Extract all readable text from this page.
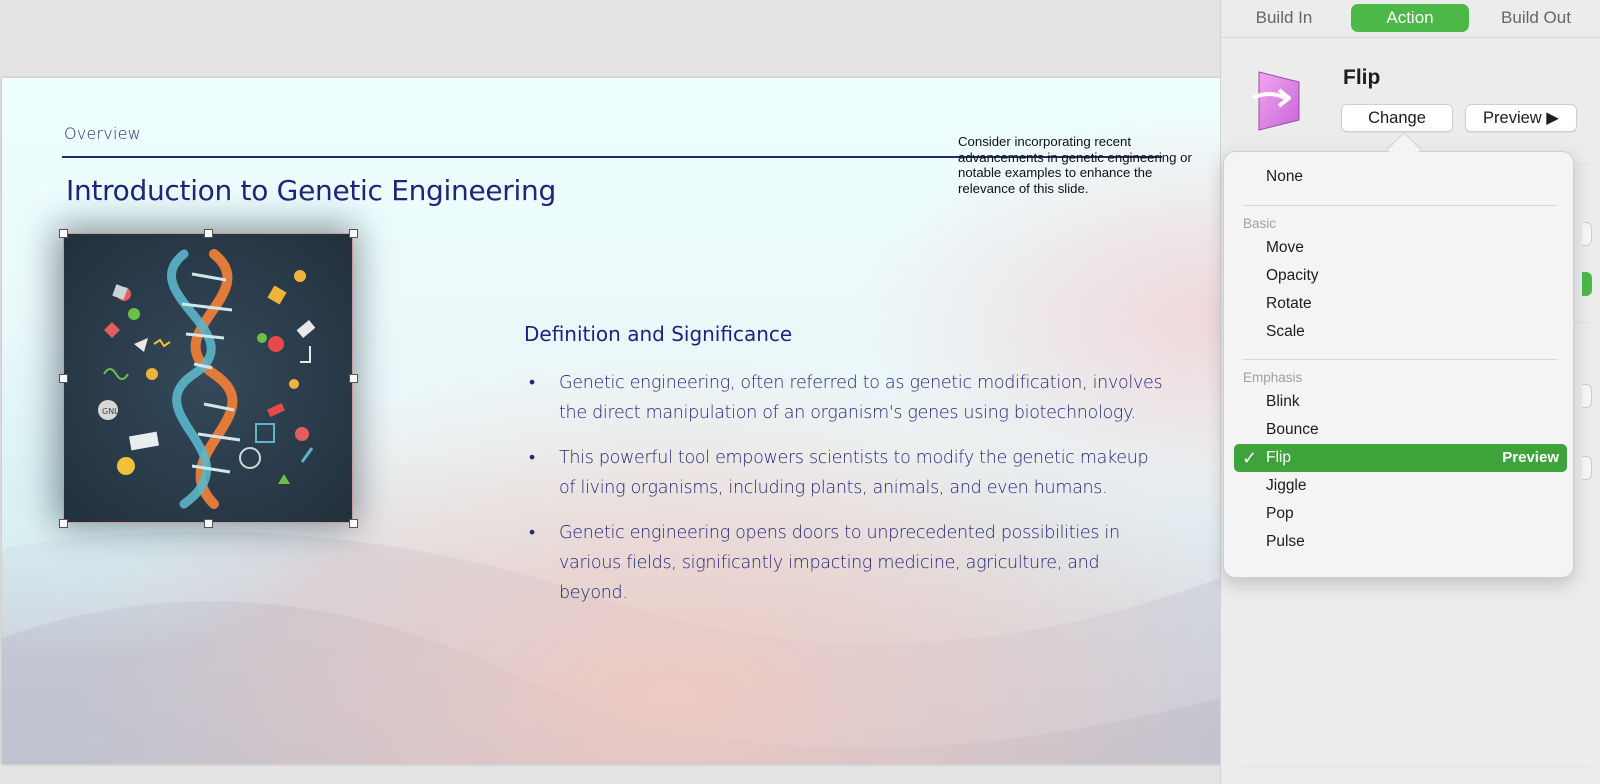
Overview
Introduction to Genetic Engineering
Consider incorporating recent advancements in genetic engineering or notable examples to enhance the relevance of this slide.
GNL
Definition and Significance
• Genetic engineering, often referred to as genetic modification, involves the direct manipulation of an organism's genes using biotechnology.
• This powerful tool empowers scientists to modify the genetic makeup of living organisms, including plants, animals, and even humans.
• Genetic engineering opens doors to unprecedented possibilities in various fields, significantly impacting medicine, agriculture, and beyond.
Build In	Action	Build Out
Flip
Change	Preview ▶
None
Basic
Move
Opacity
Rotate
Scale
Emphasis
Blink
Bounce
✓ Flip	Preview
Jiggle
Pop
Pulse
